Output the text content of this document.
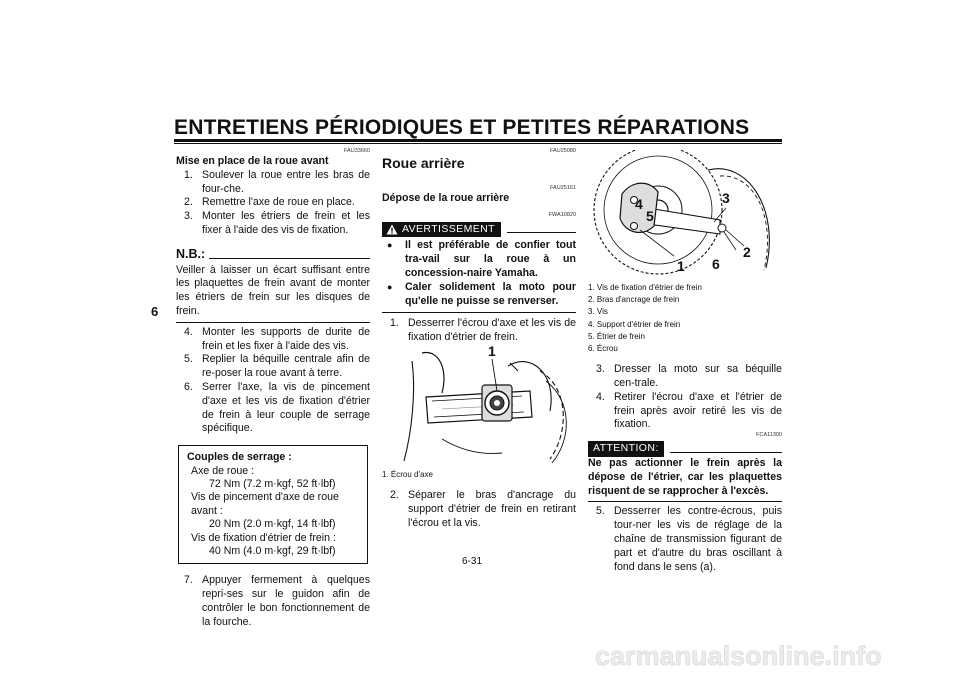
ENTRETIENS PÉRIODIQUES ET PETITES RÉPARATIONS
6
FAU33660
Mise en place de la roue avant
1. Soulever la roue entre les bras de four-che.
2. Remettre l'axe de roue en place.
3. Monter les étriers de frein et les fixer à l'aide des vis de fixation.
N.B.:
Veiller à laisser un écart suffisant entre les plaquettes de frein avant de monter les étriers de frein sur les disques de frein.
4. Monter les supports de durite de frein et les fixer à l'aide des vis.
5. Replier la béquille centrale afin de re-poser la roue avant à terre.
6. Serrer l'axe, la vis de pincement d'axe et les vis de fixation d'étrier de frein à leur couple de serrage spécifique.
Couples de serrage :
Axe de roue :
72 Nm (7.2 m·kgf, 52 ft·lbf)
Vis de pincement d'axe de roue
avant :
20 Nm (2.0 m·kgf, 14 ft·lbf)
Vis de fixation d'étrier de frein :
40 Nm (4.0 m·kgf, 29 ft·lbf)
7. Appuyer fermement à quelques repri-ses sur le guidon afin de contrôler le bon fonctionnement de la fourche.
FAU25080
Roue arrière
FAU25161
Dépose de la roue arrière
FWA10820
AVERTISSEMENT
●	Il est préférable de confier tout tra-vail sur la roue à un concession-naire Yamaha.
●	Caler solidement la moto pour qu'elle ne puisse se renverser.
1. Desserrer l'écrou d'axe et les vis de fixation d'étrier de frein.
1
1. Écrou d'axe
2. Séparer le bras d'ancrage du support d'étrier de frein en retirant l'écrou et la vis.
3
4
5
1 6
2
1. Vis de fixation d'étrier de frein
2. Bras d'ancrage de frein
3. Vis
4. Support d'étrier de frein
5. Étrier de frein
6. Écrou
3. Dresser la moto sur sa béquille cen-trale.
4. Retirer l'écrou d'axe et l'étrier de frein après avoir retiré les vis de fixation.
FCA11300
ATTENTION:
Ne pas actionner le frein après la dépose de l'étrier, car les plaquettes risquent de se rapprocher à l'excès.
5. Desserrer les contre-écrous, puis tour-ner les vis de réglage de la chaîne de transmission figurant de part et d'autre du bras oscillant à fond dans le sens (a).
6-31
carmanualsonline.info
